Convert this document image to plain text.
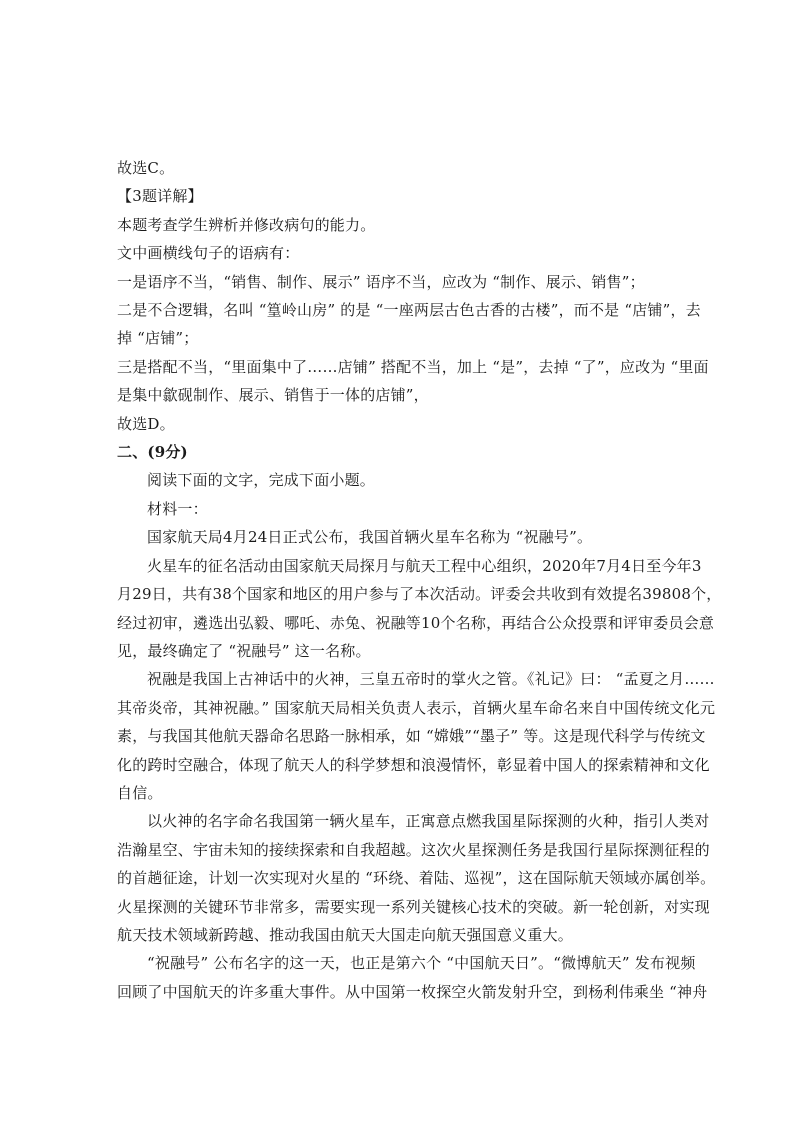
故选C。
【3题详解】
本题考查学生辨析并修改病句的能力。
文中画横线句子的语病有：
一是语序不当，“销售、制作、展示” 语序不当，应改为 “制作、展示、销售”；
二是不合逻辑，名叫 “篁岭山房” 的是 “一座两层古色古香的古楼”，而不是 “店铺”，去
掉 “店铺”；
三是搭配不当，“里面集中了……店铺” 搭配不当，加上 “是”，去掉 “了”，应改为 “里面
是集中歙砚制作、展示、销售于一体的店铺”，
故选D。
二、(9分)
阅读下面的文字，完成下面小题。
材料一：
国家航天局4月24日正式公布，我国首辆火星车名称为 “祝融号”。
火星车的征名活动由国家航天局探月与航天工程中心组织，2020年7月4日至今年3
月29日，共有38个国家和地区的用户参与了本次活动。评委会共收到有效提名39808个，
经过初审，遴选出弘毅、哪吒、赤兔、祝融等10个名称，再结合公众投票和评审委员会意
见，最终确定了 “祝融号” 这一名称。
祝融是我国上古神话中的火神，三皇五帝时的掌火之管。《礼记》曰： “孟夏之月……
其帝炎帝，其神祝融。” 国家航天局相关负责人表示，首辆火星车命名来自中国传统文化元
素，与我国其他航天器命名思路一脉相承，如 “嫦娥”“墨子” 等。这是现代科学与传统文
化的跨时空融合，体现了航天人的科学梦想和浪漫情怀，彰显着中国人的探索精神和文化
自信。
以火神的名字命名我国第一辆火星车，正寓意点燃我国星际探测的火种，指引人类对
浩瀚星空、宇宙未知的接续探索和自我超越。这次火星探测任务是我国行星际探测征程的
的首趟征途，计划一次实现对火星的 “环绕、着陆、巡视”，这在国际航天领域亦属创举。
火星探测的关键环节非常多，需要实现一系列关键核心技术的突破。新一轮创新，对实现
航天技术领域新跨越、推动我国由航天大国走向航天强国意义重大。
“祝融号” 公布名字的这一天，也正是第六个 “中国航天日”。“微博航天” 发布视频
回顾了中国航天的许多重大事件。从中国第一枚探空火箭发射升空，到杨利伟乘坐 “神舟
